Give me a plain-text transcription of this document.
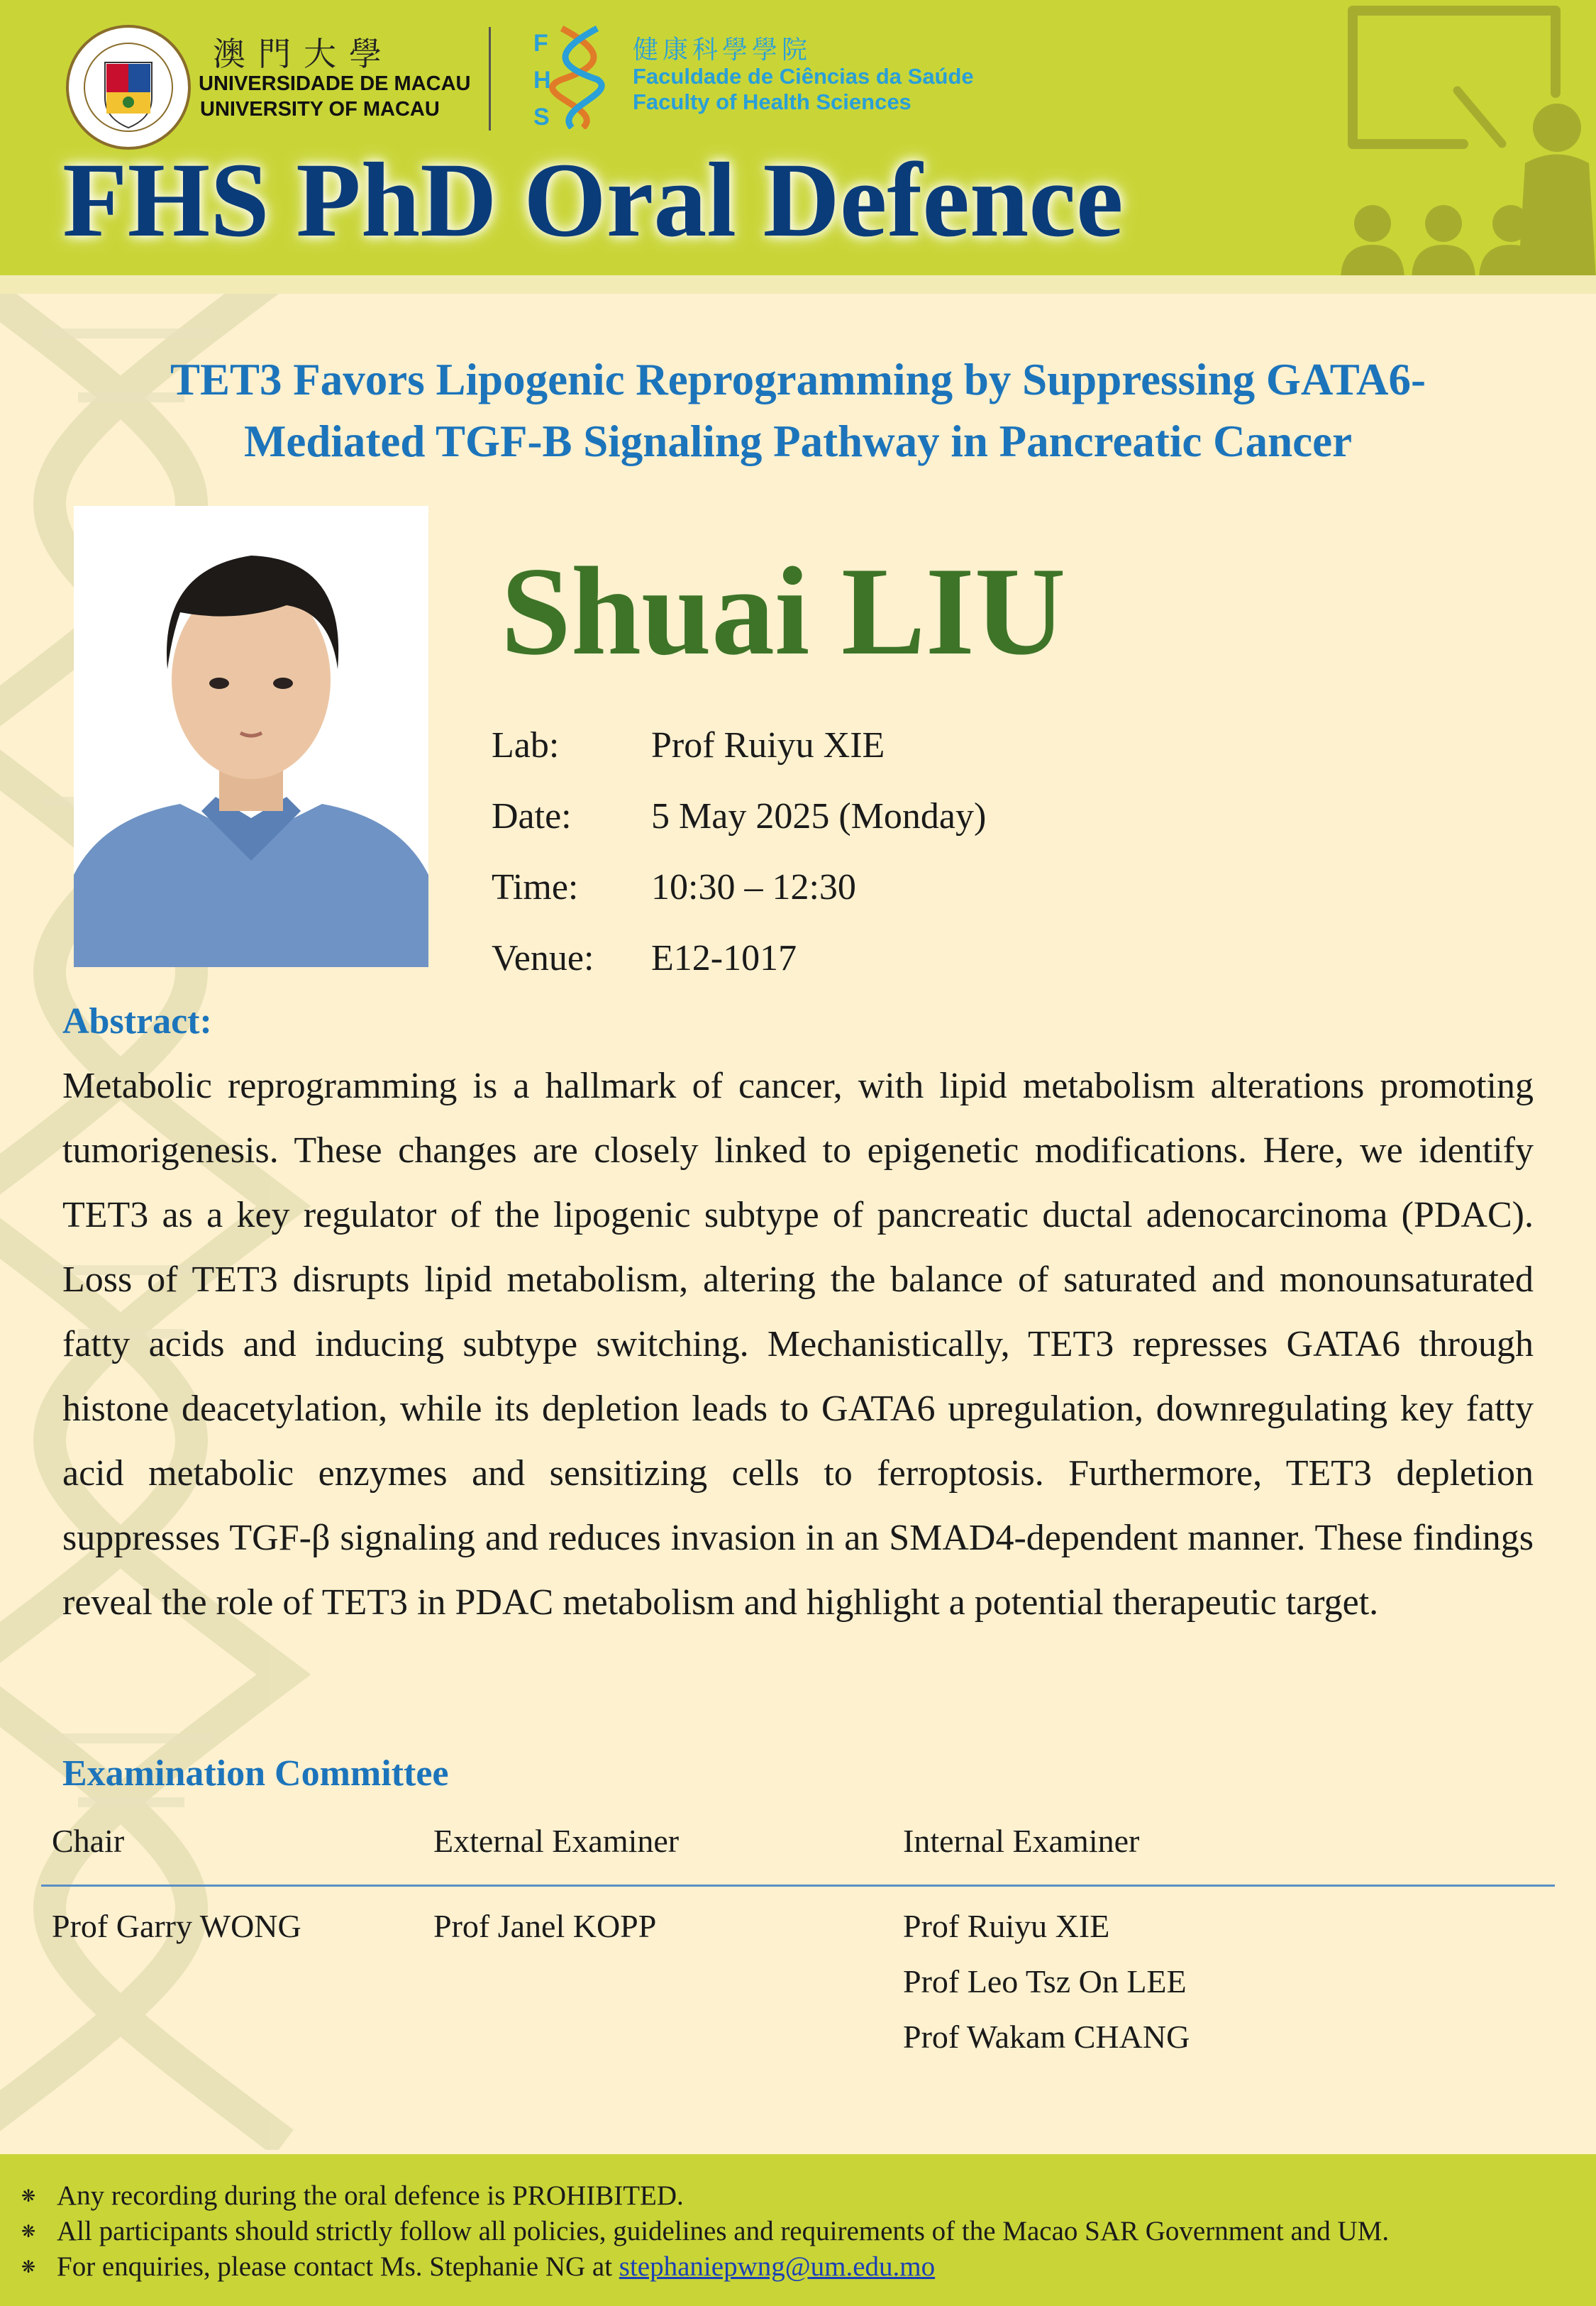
澳門大學
UNIVERSIDADE DE MACAU
UNIVERSITY OF MACAU
F
H
S
健康科學學院
Faculdade de Ciências da Saúde
Faculty of Health Sciences
FHS PhD Oral Defence
TET3 Favors Lipogenic Reprogramming by Suppressing GATA6-
Mediated TGF-B Signaling Pathway in Pancreatic Cancer
Shuai LIU
Lab:	Prof Ruiyu XIE
Date:	5 May 2025 (Monday)
Time:	10:30 – 12:30
Venue:	E12-1017
Abstract:
Metabolic reprogramming is a hallmark of cancer, with lipid metabolism alterations promoting tumorigenesis. These changes are closely linked to epigenetic modifications. Here, we identify TET3 as a key regulator of the lipogenic subtype of pancreatic ductal adenocarcinoma (PDAC). Loss of TET3 disrupts lipid metabolism, altering the balance of saturated and monounsaturated fatty acids and inducing subtype switching. Mechanistically, TET3 represses GATA6 through histone deacetylation, while its depletion leads to GATA6 upregulation, downregulating key fatty acid metabolic enzymes and sensitizing cells to ferroptosis. Furthermore, TET3 depletion suppresses TGF-β signaling and reduces invasion in an SMAD4-dependent manner. These findings reveal the role of TET3 in PDAC metabolism and highlight a potential therapeutic target.
Examination Committee
Chair	External Examiner	Internal Examiner
Prof Garry WONG	Prof Janel KOPP	Prof Ruiyu XIE
Prof Leo Tsz On LEE
Prof Wakam CHANG
❋ Any recording during the oral defence is PROHIBITED.
❋ All participants should strictly follow all policies, guidelines and requirements of the Macao SAR Government and UM.
❋ For enquiries, please contact Ms. Stephanie NG at stephaniepwng@um.edu.mo
